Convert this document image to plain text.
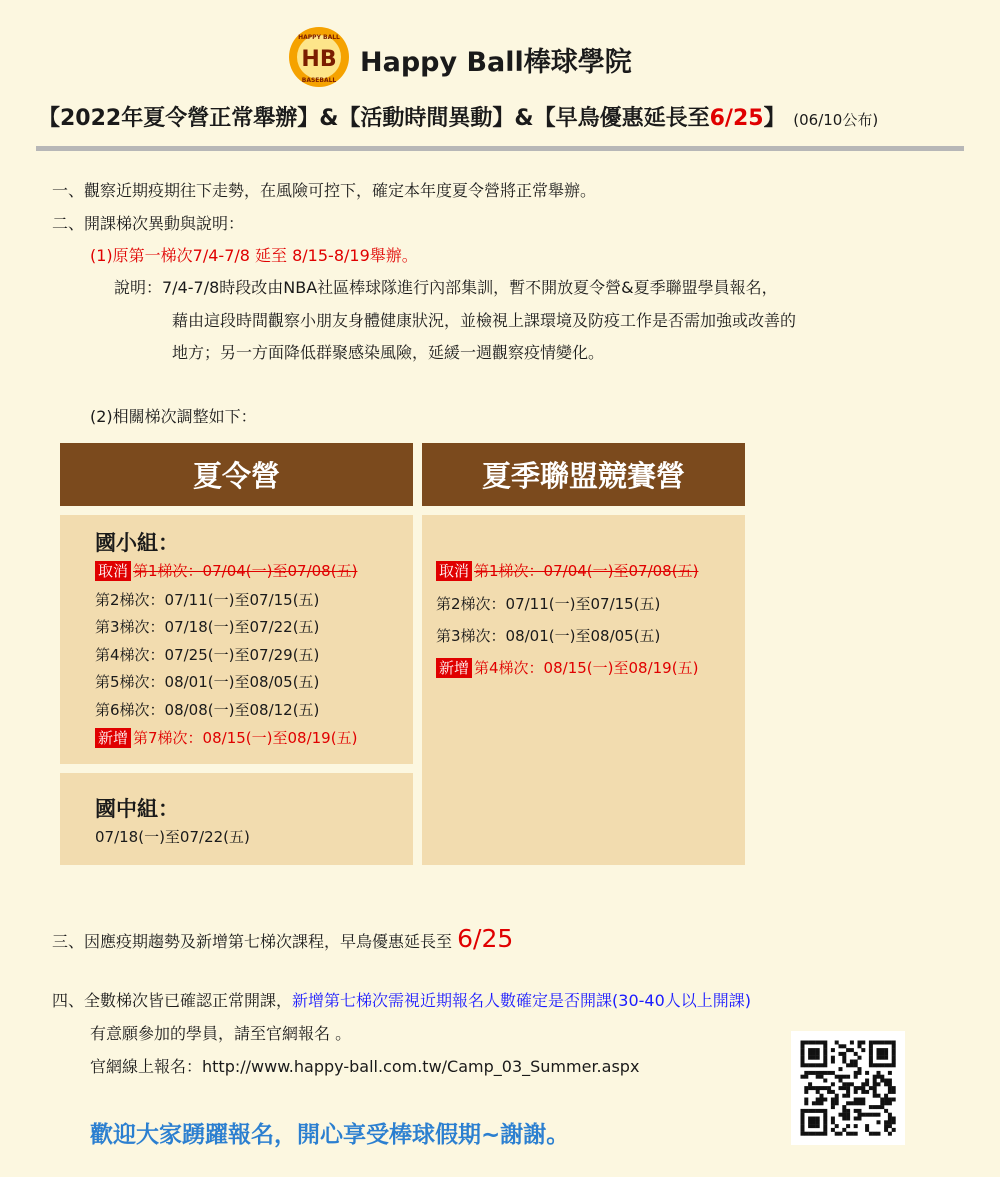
HAPPY BALL
HB
BASEBALL
Happy Ball棒球學院
【2022年夏令營正常舉辦】&【活動時間異動】&【早鳥優惠延長至6/25】 (06/10公布)
一、觀察近期疫期往下走勢，在風險可控下，確定本年度夏令營將正常舉辦。
二、開課梯次異動與說明：
(1)原第一梯次7/4-7/8 延至 8/15-8/19舉辦。
說明：7/4-7/8時段改由NBA社區棒球隊進行內部集訓，暫不開放夏令營&夏季聯盟學員報名，
藉由這段時間觀察小朋友身體健康狀況，並檢視上課環境及防疫工作是否需加強或改善的
地方；另一方面降低群聚感染風險，延緩一週觀察疫情變化。
(2)相關梯次調整如下：
夏令營
國小組：
取消 第1梯次：07/04(一)至07/08(五)
第2梯次：07/11(一)至07/15(五)
第3梯次：07/18(一)至07/22(五)
第4梯次：07/25(一)至07/29(五)
第5梯次：08/01(一)至08/05(五)
第6梯次：08/08(一)至08/12(五)
新增 第7梯次：08/15(一)至08/19(五)
國中組：
07/18(一)至07/22(五)
夏季聯盟競賽營
取消 第1梯次：07/04(一)至07/08(五)
第2梯次：07/11(一)至07/15(五)
第3梯次：08/01(一)至08/05(五)
新增 第4梯次：08/15(一)至08/19(五)
三、因應疫期趨勢及新增第七梯次課程，早鳥優惠延長至 6/25
四、全數梯次皆已確認正常開課，新增第七梯次需視近期報名人數確定是否開課(30-40人以上開課)
有意願參加的學員，請至官網報名 。
官網線上報名：http://www.happy-ball.com.tw/Camp_03_Summer.aspx
歡迎大家踴躍報名，開心享受棒球假期~謝謝。
